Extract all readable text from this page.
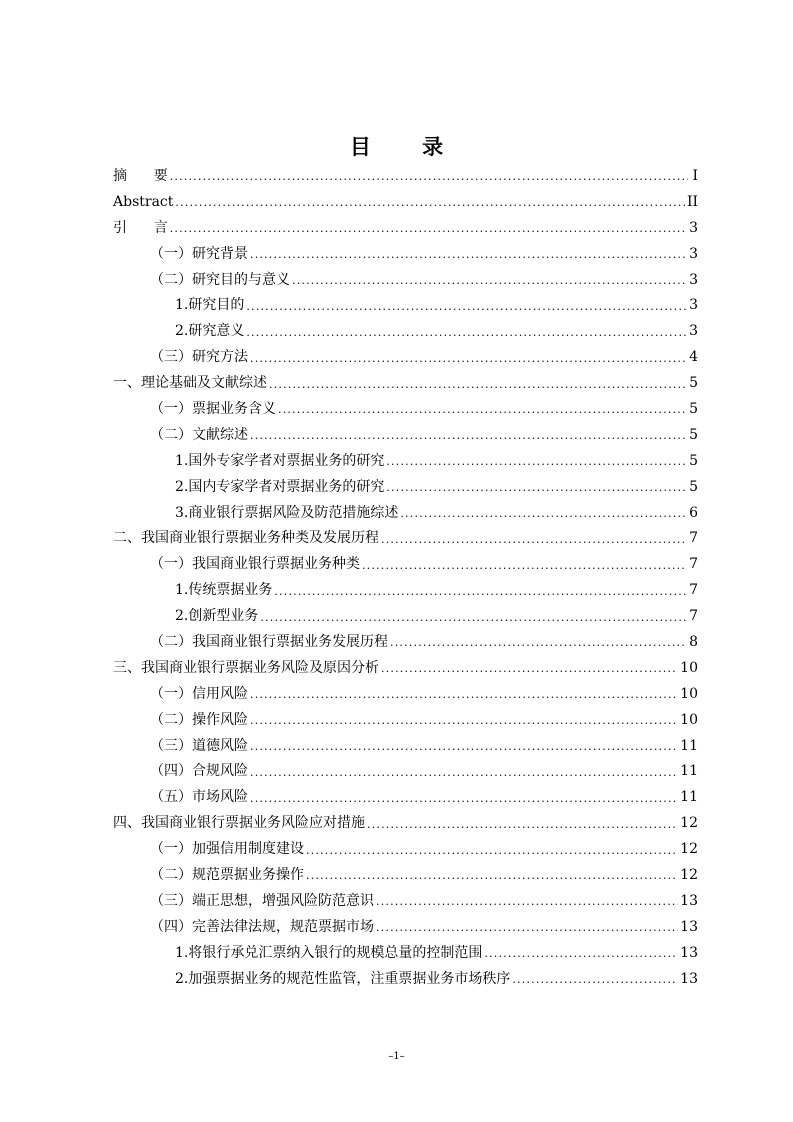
目 录
摘      要 .....	I
Abstract .....	II
引      言 .....	3
（一）研究背景 .....	3
（二）研究目的与意义 .....	3
1.研究目的 .....	3
2.研究意义 .....	3
（三）研究方法 .....	4
一、理论基础及文献综述 .....	5
（一）票据业务含义 .....	5
（二）文献综述 .....	5
1.国外专家学者对票据业务的研究 .....	5
2.国内专家学者对票据业务的研究 .....	5
3.商业银行票据风险及防范措施综述 .....	6
二、我国商业银行票据业务种类及发展历程 .....	7
（一）我国商业银行票据业务种类 .....	7
1.传统票据业务 .....	7
2.创新型业务 .....	7
（二）我国商业银行票据业务发展历程 .....	8
三、我国商业银行票据业务风险及原因分析 .....	10
（一）信用风险 .....	10
（二）操作风险 .....	10
（三）道德风险 .....	11
（四）合规风险 .....	11
（五）市场风险 .....	11
四、我国商业银行票据业务风险应对措施 .....	12
（一）加强信用制度建设 .....	12
（二）规范票据业务操作 .....	12
（三）端正思想，增强风险防范意识 .....	13
（四）完善法律法规，规范票据市场 .....	13
1.将银行承兑汇票纳入银行的规模总量的控制范围 .....	13
2.加强票据业务的规范性监管，注重票据业务市场秩序 .....	13
–1–
